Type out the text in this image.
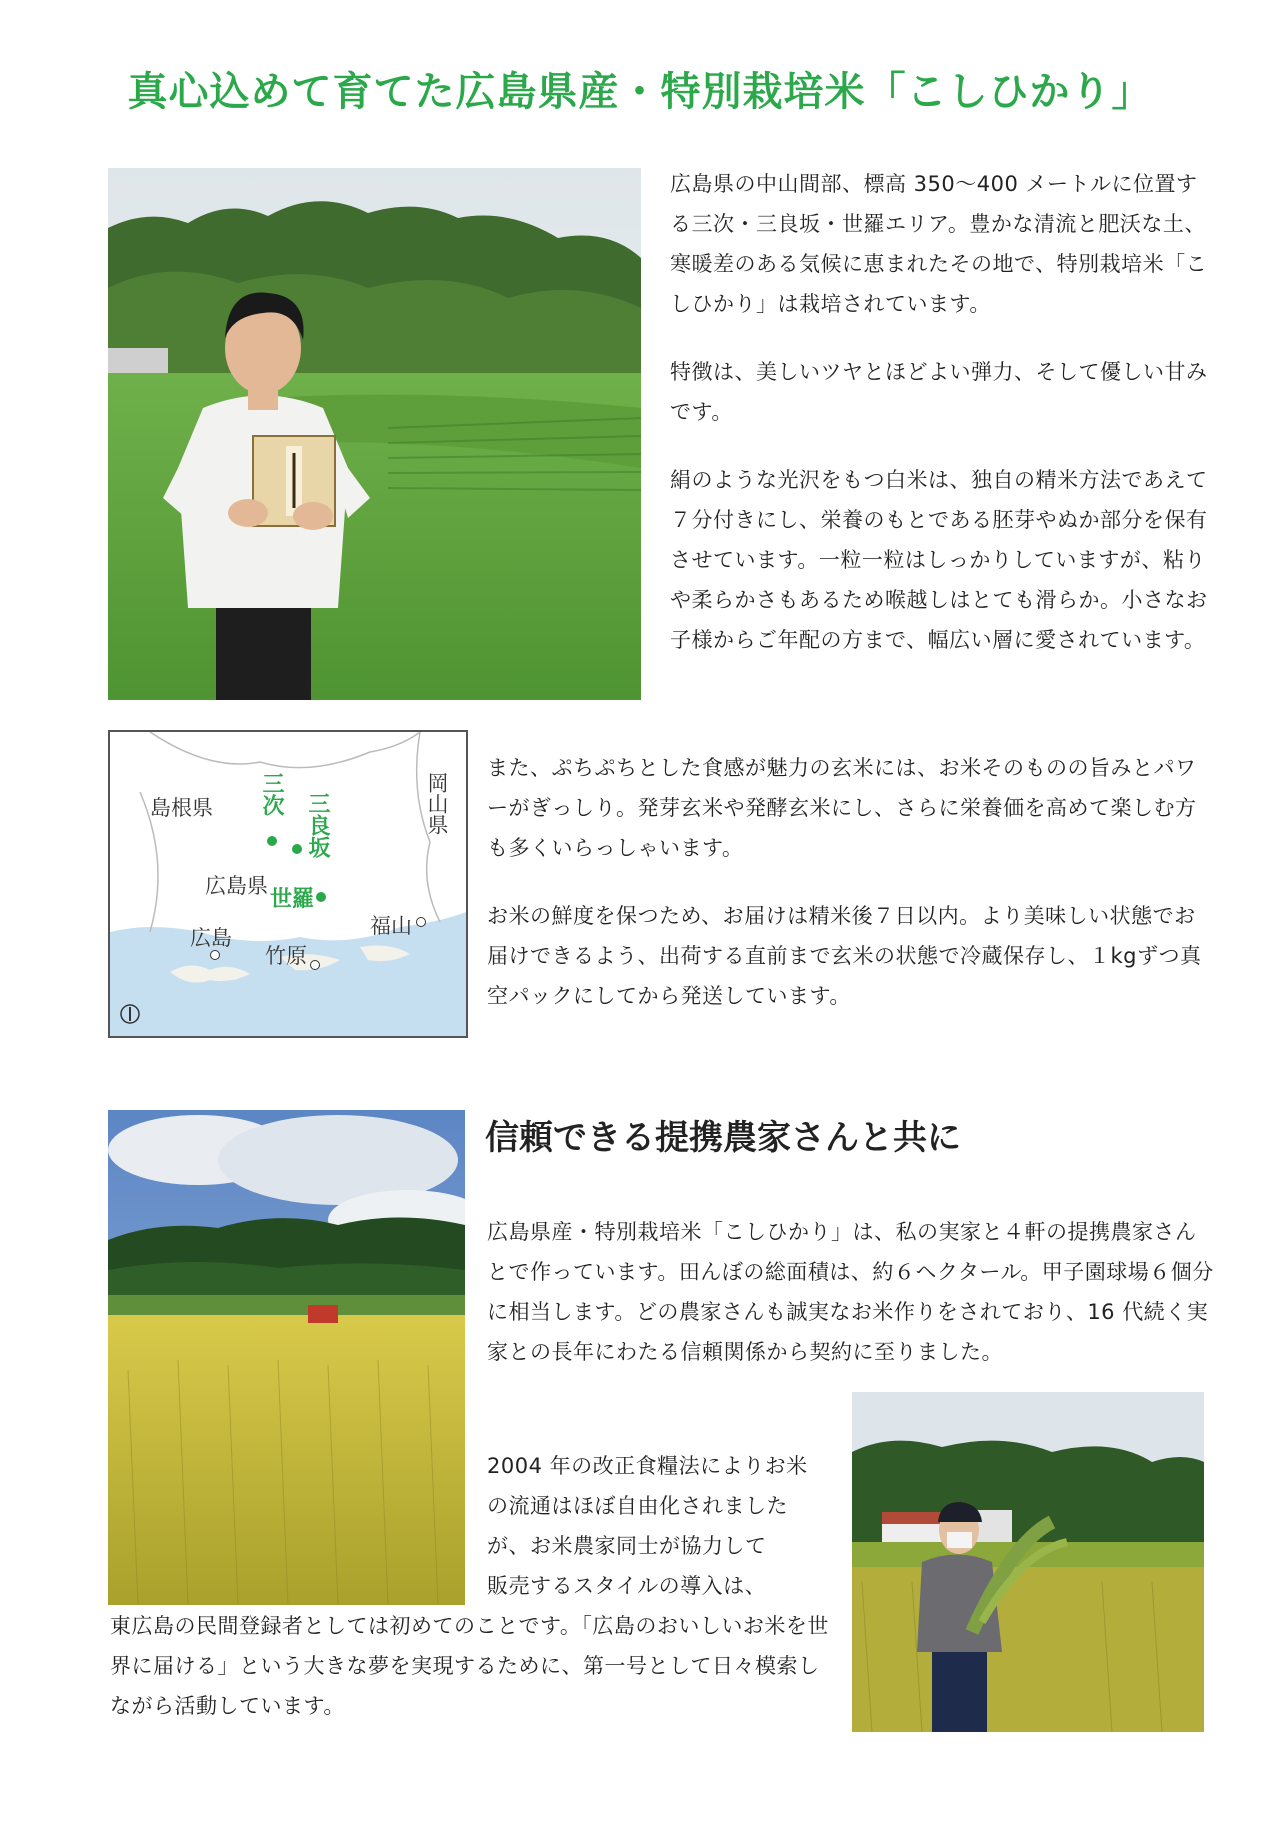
真心込めて育てた広島県産・特別栽培米「こしひかり」

広島県の中山間部、標高 350～400 メートルに位置する三次・三良坂・世羅エリア。豊かな清流と肥沃な土、寒暖差のある気候に恵まれたその地で、特別栽培米「こしひかり」は栽培されています。

特徴は、美しいツヤとほどよい弾力、そして優しい甘みです。

絹のような光沢をもつ白米は、独自の精米方法であえて７分付きにし、栄養のもとである胚芽やぬか部分を保有させています。一粒一粒はしっかりしていますが、粘りや柔らかさもあるため喉越しはとても滑らか。小さなお子様からご年配の方まで、幅広い層に愛されています。

島根県	岡山県
広島県
三次 三良坂
世羅
福山
広島
竹原

また、ぷちぷちとした食感が魅力の玄米には、お米そのものの旨みとパワーがぎっしり。発芽玄米や発酵玄米にし、さらに栄養価を高めて楽しむ方も多くいらっしゃいます。

お米の鮮度を保つため、お届けは精米後７日以内。より美味しい状態でお届けできるよう、出荷する直前まで玄米の状態で冷蔵保存し、１kgずつ真空パックにしてから発送しています。

信頼できる提携農家さんと共に

広島県産・特別栽培米「こしひかり」は、私の実家と４軒の提携農家さんとで作っています。田んぼの総面積は、約６ヘクタール。甲子園球場６個分に相当します。どの農家さんも誠実なお米作りをされており、16 代続く実家との長年にわたる信頼関係から契約に至りました。

2004 年の改正食糧法によりお米

の流通はほぼ自由化されました

が、お米農家同士が協力して

販売するスタイルの導入は、

東広島の民間登録者としては初めてのことです。「広島のおいしいお米を世界に届ける」という大きな夢を実現するために、第一号として日々模索しながら活動しています。
